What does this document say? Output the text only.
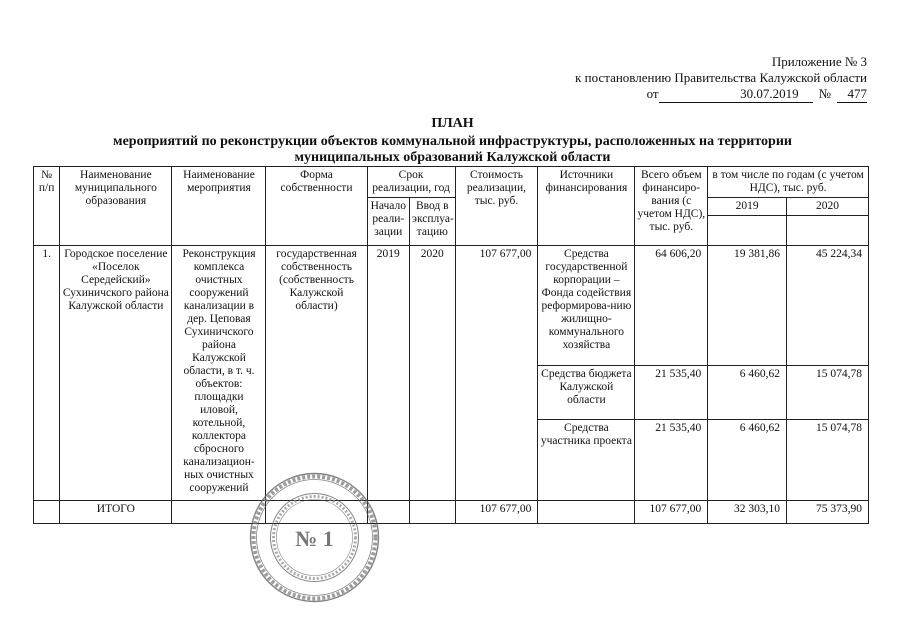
Приложение № 3
к постановлению Правительства Калужской области
от	30.07.2019	№	477
ПЛАН
мероприятий по реконструкции объектов коммунальной инфраструктуры, расположенных на территории
муниципальных образований Калужской области
№ п/п	Наименование муниципального образования	Наименование мероприятия	Форма собственности	Срок реализации, год		Стоимость реализации, тыс. руб.	Источники финансирования	Всего объем финансиро-вания (с учетом НДС), тыс. руб.	в том числе по годам (с учетом НДС), тыс. руб.	
				Начало реали-зации	Ввод в эксплуа-тацию				2019	2020

1.	Городское поселение «Поселок Середейский» Сухиничского района Калужской области	Реконструкция комплекса очистных сооружений канализации в дер. Цеповая Сухиничского района Калужской области, в т. ч. объектов: площадки иловой, котельной, коллектора сбросного канализацион-ных очистных сооружений	государственная собственность (собственность Калужской области)	2019	2020	107 677,00	Средства государственной корпорации – Фонда содействия реформирова-нию жилищно-коммунального хозяйства	64 606,20	19 381,86	45 224,34
							Средства бюджета Калужской области	21 535,40	6 460,62	15 074,78
							Средства участника проекта	21 535,40	6 460,62	15 074,78
	ИТОГО					107 677,00		107 677,00	32 303,10	75 373,90
№ 1
